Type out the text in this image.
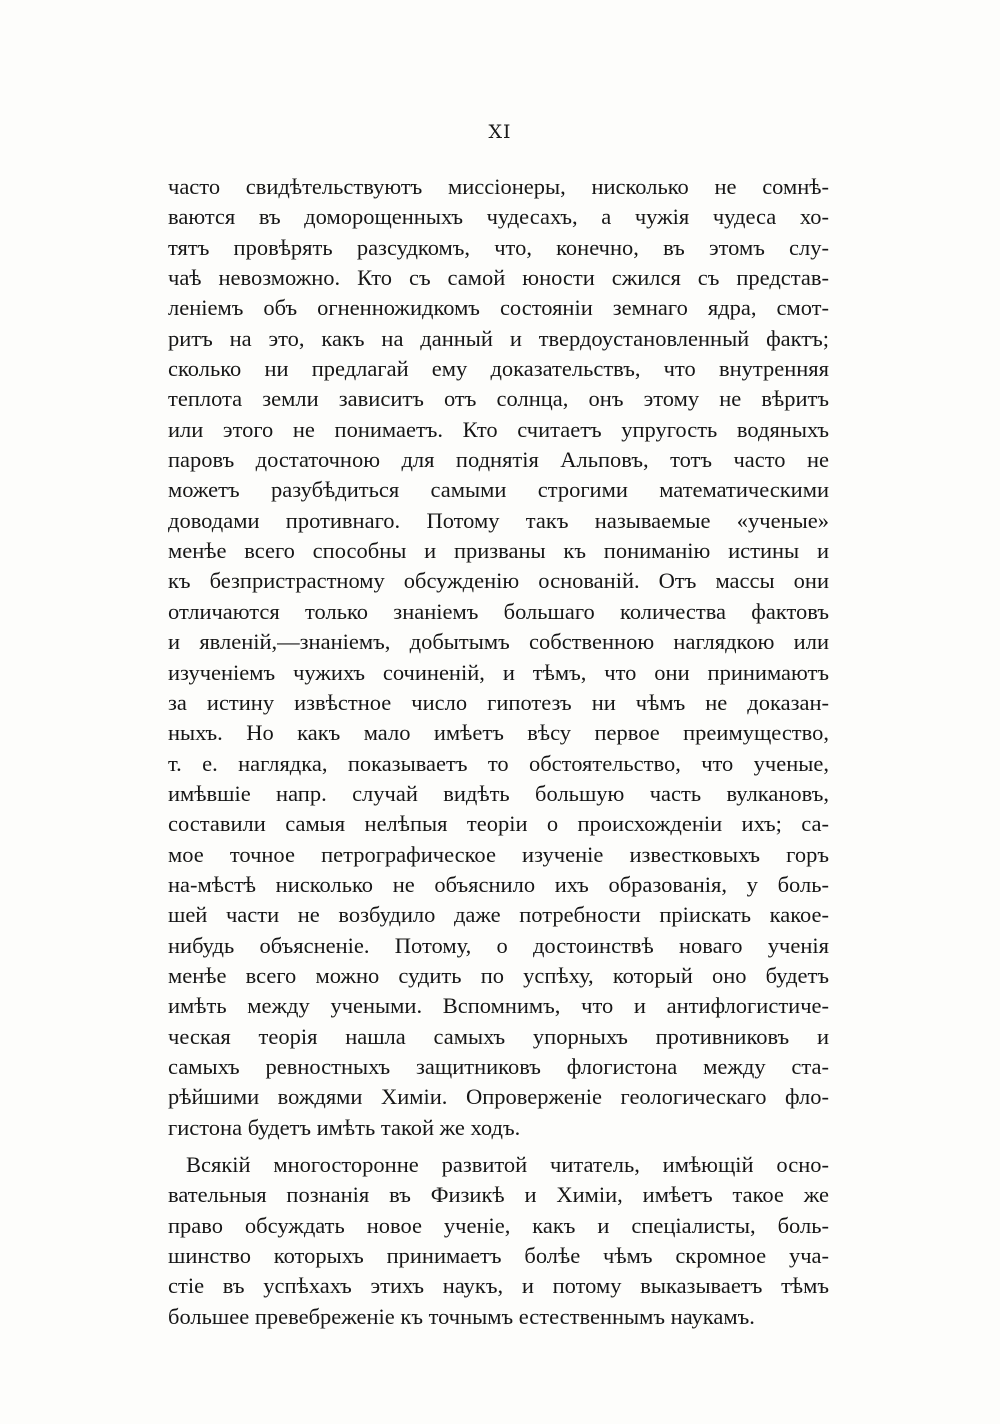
XI
часто свидѣтельствуютъ миссіонеры, нисколько не сомнѣ-
ваются въ доморощенныхъ чудесахъ, а чужія чудеса хо-
тятъ провѣрять разсудкомъ, что, конечно, въ этомъ слу-
чаѣ невозможно. Кто съ самой юности сжился съ представ-
леніемъ объ огненножидкомъ состояніи земнаго ядра, смот-
ритъ на это, какъ на данный и твердоустановленный фактъ;
сколько ни предлагай ему доказательствъ, что внутренняя
теплота земли зависитъ отъ солнца, онъ этому не вѣритъ
или этого не понимаетъ. Кто считаетъ упругость водяныхъ
паровъ достаточною для поднятія Альповъ, тотъ часто не
можетъ разубѣдиться самыми строгими математическими
доводами противнаго. Потому такъ называемые «ученые»
менѣе всего способны и призваны къ пониманію истины и
къ безпристрастному обсужденію основаній. Отъ массы они
отличаются только знаніемъ большаго количества фактовъ
и явленій,—знаніемъ, добытымъ собственною наглядкою или
изученіемъ чужихъ сочиненій, и тѣмъ, что они принимаютъ
за истину извѣстное число гипотезъ ни чѣмъ не доказан-
ныхъ. Но какъ мало имѣетъ вѣсу первое преимущество,
т. е. наглядка, показываетъ то обстоятельство, что ученые,
имѣвшіе напр. случай видѣть большую часть вулкановъ,
составили самыя нелѣпыя теоріи о происхожденіи ихъ; са-
мое точное петрографическое изученіе известковыхъ горъ
на-мѣстѣ нисколько не объяснило ихъ образованія, у боль-
шей части не возбудило даже потребности пріискать какое-
нибудь объясненіе. Потому, о достоинствѣ новаго ученія
менѣе всего можно судить по успѣху, который оно будетъ
имѣть между учеными. Вспомнимъ, что и антифлогистиче-
ческая теорія нашла самыхъ упорныхъ противниковъ и
самыхъ ревностныхъ защитниковъ флогистона между ста-
рѣйшими вождями Химіи. Опроверженіе геологическаго фло-
гистона будетъ имѣть такой же ходъ.
Всякій многосторонне развитой читатель, имѣющій осно-
вательныя познанія въ Физикѣ и Химіи, имѣетъ такое же
право обсуждать новое ученіе, какъ и спеціалисты, боль-
шинство которыхъ принимаетъ болѣе чѣмъ скромное уча-
стіе въ успѣхахъ этихъ наукъ, и потому выказываетъ тѣмъ
большее превебреженіе къ точнымъ естественнымъ наукамъ.
